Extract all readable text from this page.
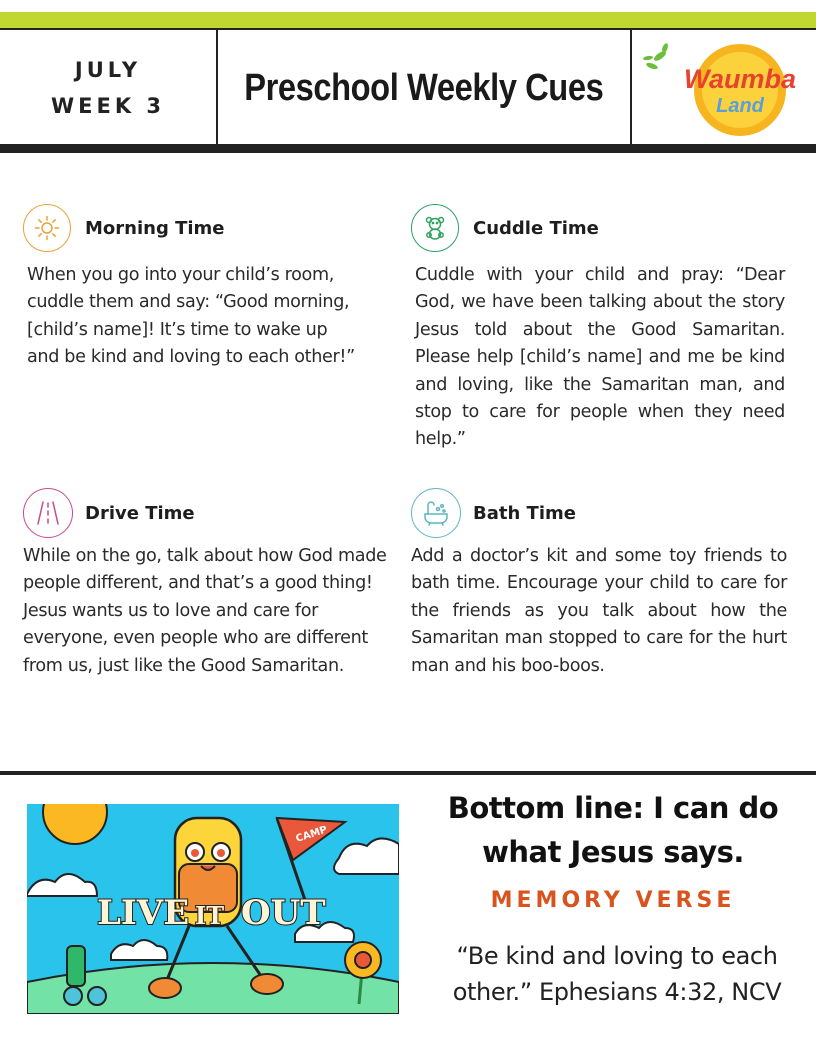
JULY
WEEK 3 Preschool Weekly Cues	Waumba
Land
Morning Time

When you go into your child’s room, cuddle them and say: “Good morning, [child’s name]! It’s time to wake up and be kind and loving to each other!”

Cuddle Time

Cuddle with your child and pray: “Dear God, we have been talking about the story Jesus told about the Good Samaritan. Please help [child’s name] and me be kind and loving, like the Samaritan man, and stop to care for people when they need help.”

Drive Time

While on the go, talk about how God made people different, and that’s a good thing! Jesus wants us to love and care for everyone, even people who are different from us, just like the Good Samaritan.

Bath Time

Add a doctor’s kit and some toy friends to bath time. Encourage your child to care for the friends as you talk about how the Samaritan man stopped to care for the hurt man and his boo-boos.

CAMP
LIVE IT OUT
Bottom line: I can do what Jesus says.
MEMORY VERSE
“Be kind and loving to each other.” Ephesians 4:32, NCV
